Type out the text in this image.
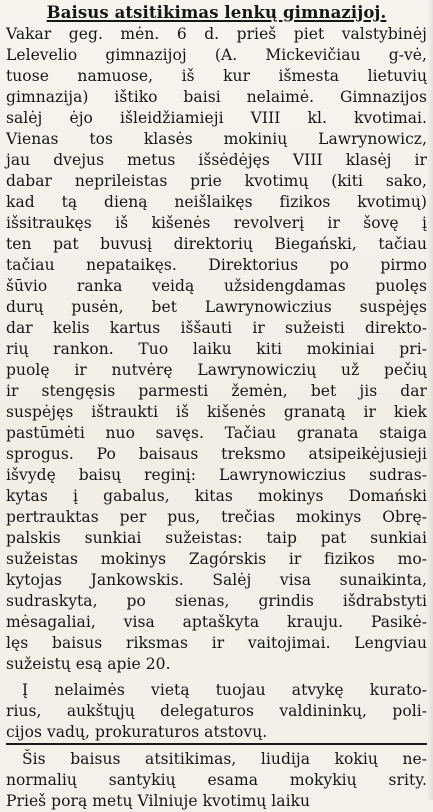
Baisus atsitikimas lenkų gimnazijoj.
Vakar geg. mėn. 6 d. prieš piet valstybinėj
Lelevelio gimnazijoj (A. Mickevičiau g-vė,
tuose namuose, iš kur išmesta lietuvių
gimnazija) ištiko baisi nelaimė. Gimnazijos
salėj ėjo išleidžiamieji VIII kl. kvotimai.
Vienas tos klasės mokinių Lawrynowicz,
jau dvejus metus išsėdėjęs VIII klasėj ir
dabar neprileistas prie kvotimų (kiti sako,
kad tą dieną neišlaikęs fizikos kvotimų)
išsitraukęs iš kišenės revolverį ir šovę į
ten pat buvusį direktorių Biegański, tačiau
tačiau nepataikęs. Direktorius po pirmo
šūvio ranka veidą užsidengdamas puolęs
durų pusėn, bet Lawrynowiczius suspėjęs
dar kelis kartus iššauti ir sužeisti direkto-
rių rankon. Tuo laiku kiti mokiniai pri-
puolę ir nutvėrę Lawrynowiczių už pečių
ir stengęsis parmesti žemėn, bet jis dar
suspėjęs ištraukti iš kišenės granatą ir kiek
pastūmėti nuo savęs. Tačiau granata staiga
sprogus. Po baisaus treksmo atsipeikėjusieji
išvydę baisų reginį: Lawrynowiczius sudras-
kytas į gabalus, kitas mokinys Domański
pertrauktas per pus, trečias mokinys Obrę-
palskis sunkiai sužeistas: taip pat sunkiai
sužeistas mokinys Zagórskis ir fizikos mo-
kytojas Jankowskis. Salėj visa sunaikinta,
sudraskyta, po sienas, grindis išdrabstyti
mėsagaliai, visa aptaškyta krauju. Pasikė-
lęs baisus riksmas ir vaitojimai. Lengviau
sužeistų esą apie 20.
Į nelaimės vietą tuojau atvykę kurato-
rius, aukštųjų delegaturos valdininkų, poli-
cijos vadų, prokuraturos atstovų.
Šis baisus atsitikimas, liudija kokių ne-
normalių santykių esama mokykių srity.
Prieš porą metų Vilniuje kvotimų laiku
